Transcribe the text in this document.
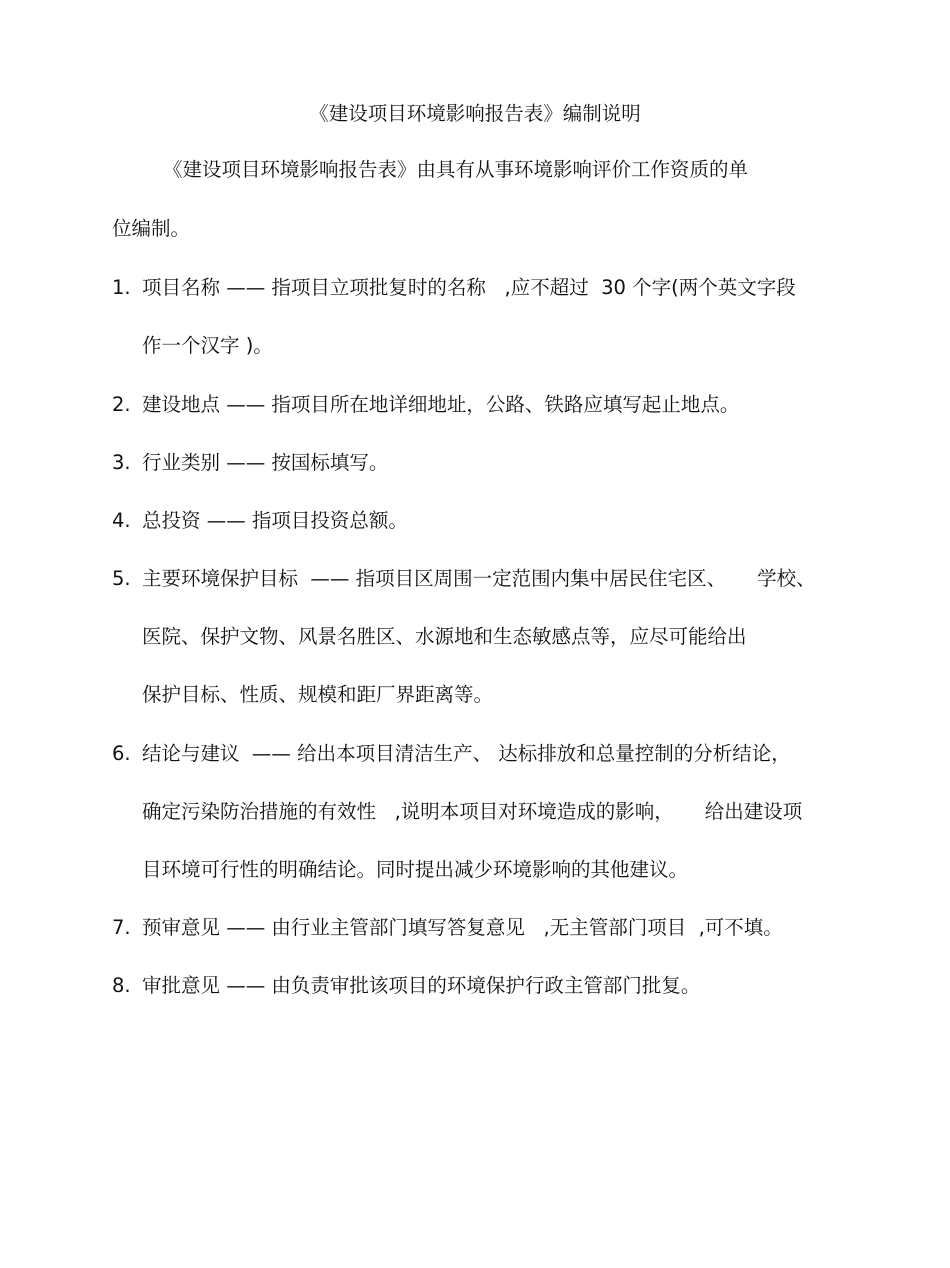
《建设项目环境影响报告表》编制说明
《建设项目环境影响报告表》由具有从事环境影响评价工作资质的单
位编制。
1. 项目名称 —— 指项目立项批复时的名称   ,应不超过  30 个字(两个英文字段
作一个汉字 )。
2. 建设地点 —— 指项目所在地详细地址，公路、铁路应填写起止地点。
3. 行业类别 —— 按国标填写。
4. 总投资 —— 指项目投资总额。
5. 主要环境保护目标  —— 指项目区周围一定范围内集中居民住宅区、     学校、
医院、保护文物、风景名胜区、水源地和生态敏感点等，应尽可能给出
保护目标、性质、规模和距厂界距离等。
6. 结论与建议  —— 给出本项目清洁生产、 达标排放和总量控制的分析结论，
确定污染防治措施的有效性   ,说明本项目对环境造成的影响，     给出建设项
目环境可行性的明确结论。同时提出减少环境影响的其他建议。
7. 预审意见 —— 由行业主管部门填写答复意见   ,无主管部门项目  ,可不填。
8. 审批意见 —— 由负责审批该项目的环境保护行政主管部门批复。
